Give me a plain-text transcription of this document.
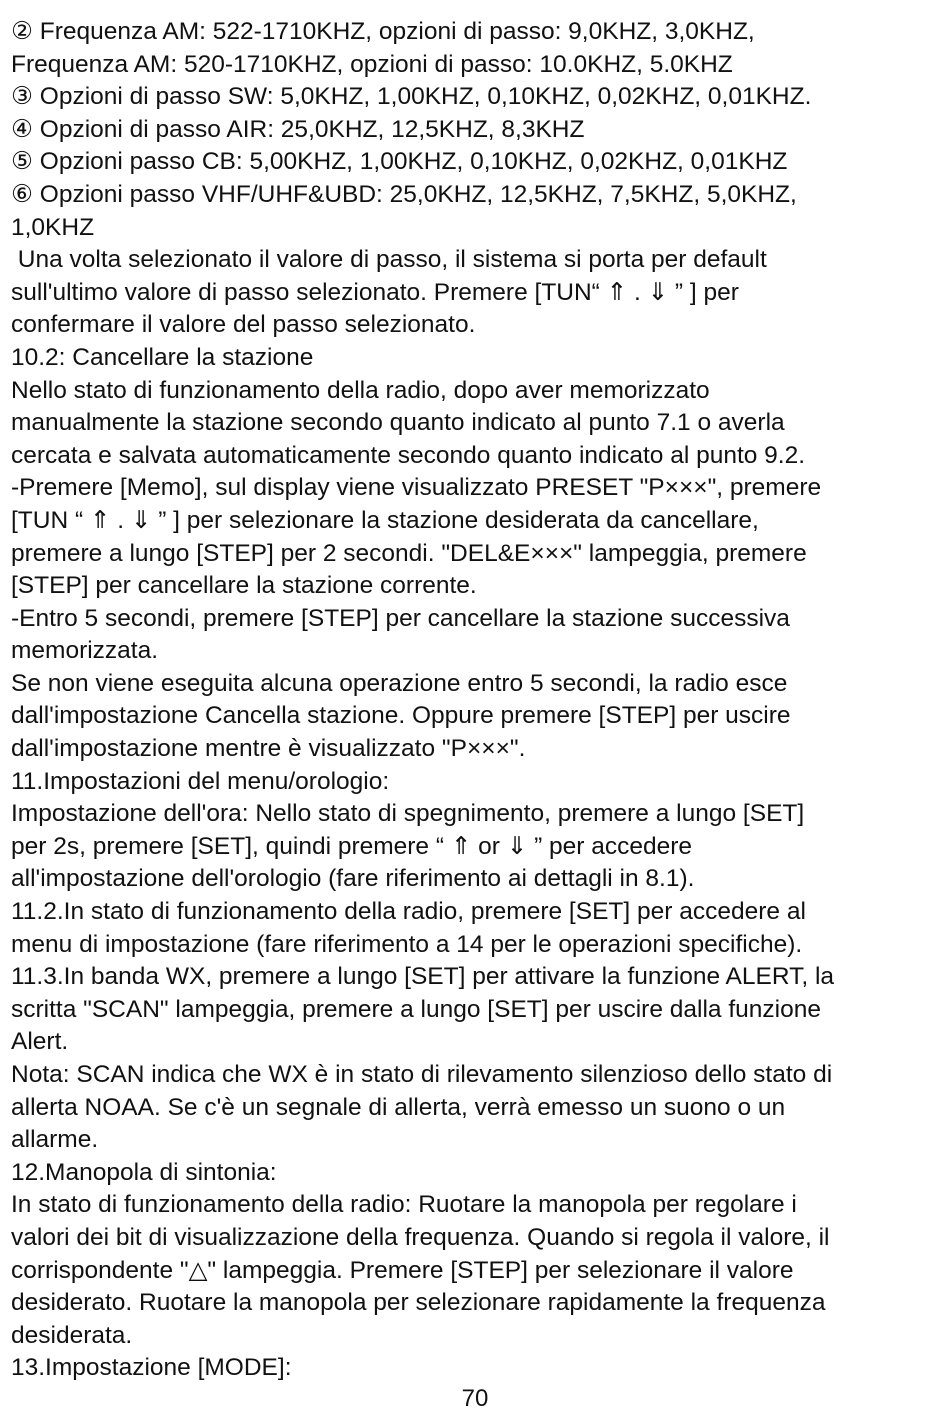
② Frequenza AM: 522-1710KHZ, opzioni di passo: 9,0KHZ, 3,0KHZ,
Frequenza AM: 520-1710KHZ, opzioni di passo: 10.0KHZ, 5.0KHZ
③ Opzioni di passo SW: 5,0KHZ, 1,00KHZ, 0,10KHZ, 0,02KHZ, 0,01KHZ.
④ Opzioni di passo AIR: 25,0KHZ, 12,5KHZ, 8,3KHZ
⑤ Opzioni passo CB: 5,00KHZ, 1,00KHZ, 0,10KHZ, 0,02KHZ, 0,01KHZ
⑥ Opzioni passo VHF/UHF&UBD: 25,0KHZ, 12,5KHZ, 7,5KHZ, 5,0KHZ,
1,0KHZ
Una volta selezionato il valore di passo, il sistema si porta per default
sull'ultimo valore di passo selezionato. Premere [TUN“ ⇑ . ⇓ ” ] per
confermare il valore del passo selezionato.
10.2: Cancellare la stazione
Nello stato di funzionamento della radio, dopo aver memorizzato
manualmente la stazione secondo quanto indicato al punto 7.1 o averla
cercata e salvata automaticamente secondo quanto indicato al punto 9.2.
-Premere [Memo], sul display viene visualizzato PRESET "P×××", premere
[TUN “ ⇑ . ⇓ ” ] per selezionare la stazione desiderata da cancellare,
premere a lungo [STEP] per 2 secondi. "DEL&E×××" lampeggia, premere
[STEP] per cancellare la stazione corrente.
-Entro 5 secondi, premere [STEP] per cancellare la stazione successiva
memorizzata.
Se non viene eseguita alcuna operazione entro 5 secondi, la radio esce
dall'impostazione Cancella stazione. Oppure premere [STEP] per uscire
dall'impostazione mentre è visualizzato "P×××".
11.Impostazioni del menu/orologio:
Impostazione dell'ora: Nello stato di spegnimento, premere a lungo [SET]
per 2s, premere [SET], quindi premere “ ⇑ or ⇓ ” per accedere
all'impostazione dell'orologio (fare riferimento ai dettagli in 8.1).
11.2.In stato di funzionamento della radio, premere [SET] per accedere al
menu di impostazione (fare riferimento a 14 per le operazioni specifiche).
11.3.In banda WX, premere a lungo [SET] per attivare la funzione ALERT, la
scritta "SCAN" lampeggia, premere a lungo [SET] per uscire dalla funzione
Alert.
Nota: SCAN indica che WX è in stato di rilevamento silenzioso dello stato di
allerta NOAA. Se c'è un segnale di allerta, verrà emesso un suono o un
allarme.
12.Manopola di sintonia:
In stato di funzionamento della radio: Ruotare la manopola per regolare i
valori dei bit di visualizzazione della frequenza. Quando si regola il valore, il
corrispondente "△" lampeggia. Premere [STEP] per selezionare il valore
desiderato. Ruotare la manopola per selezionare rapidamente la frequenza
desiderata.
13.Impostazione [MODE]:
70
